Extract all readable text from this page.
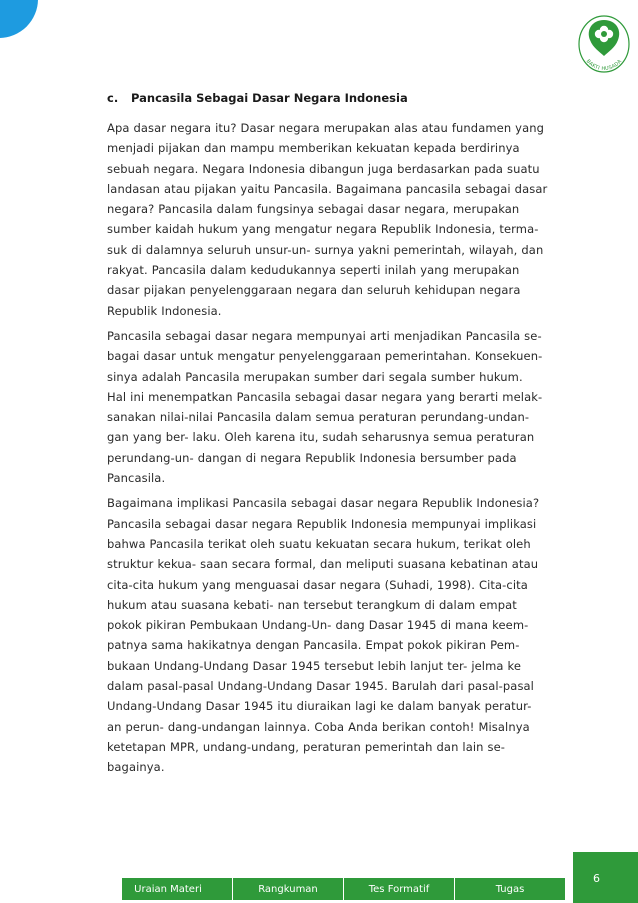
BAKTI HUSADA
c. Pancasila Sebagai Dasar Negara Indonesia
Apa dasar negara itu? Dasar negara merupakan alas atau fundamen yang
menjadi pijakan dan mampu memberikan kekuatan kepada berdirinya
sebuah negara. Negara Indonesia dibangun juga berdasarkan pada suatu
landasan atau pijakan yaitu Pancasila. Bagaimana pancasila sebagai dasar
negara? Pancasila dalam fungsinya sebagai dasar negara, merupakan
sumber kaidah hukum yang mengatur negara Republik Indonesia, terma-
suk di dalamnya seluruh unsur-un- surnya yakni pemerintah, wilayah, dan
rakyat. Pancasila dalam kedudukannya seperti inilah yang merupakan
dasar pijakan penyelenggaraan negara dan seluruh kehidupan negara
Republik Indonesia.
Pancasila sebagai dasar negara mempunyai arti menjadikan Pancasila se-
bagai dasar untuk mengatur penyelenggaraan pemerintahan. Konsekuen-
sinya adalah Pancasila merupakan sumber dari segala sumber hukum.
Hal ini menempatkan Pancasila sebagai dasar negara yang berarti melak-
sanakan nilai-nilai Pancasila dalam semua peraturan perundang-undan-
gan yang ber- laku. Oleh karena itu, sudah seharusnya semua peraturan
perundang-un- dangan di negara Republik Indonesia bersumber pada
Pancasila.
Bagaimana implikasi Pancasila sebagai dasar negara Republik Indonesia?
Pancasila sebagai dasar negara Republik Indonesia mempunyai implikasi
bahwa Pancasila terikat oleh suatu kekuatan secara hukum, terikat oleh
struktur kekua- saan secara formal, dan meliputi suasana kebatinan atau
cita-cita hukum yang menguasai dasar negara (Suhadi, 1998). Cita-cita
hukum atau suasana kebati- nan tersebut terangkum di dalam empat
pokok pikiran Pembukaan Undang-Un- dang Dasar 1945 di mana keem-
patnya sama hakikatnya dengan Pancasila. Empat pokok pikiran Pem-
bukaan Undang-Undang Dasar 1945 tersebut lebih lanjut ter- jelma ke
dalam pasal-pasal Undang-Undang Dasar 1945. Barulah dari pasal-pasal
Undang-Undang Dasar 1945 itu diuraikan lagi ke dalam banyak peratur-
an perun- dang-undangan lainnya. Coba Anda berikan contoh! Misalnya
ketetapan MPR, undang-undang, peraturan pemerintah dan lain se-
bagainya.
Uraian Materi	Rangkuman	Tes Formatif	Tugas
6
